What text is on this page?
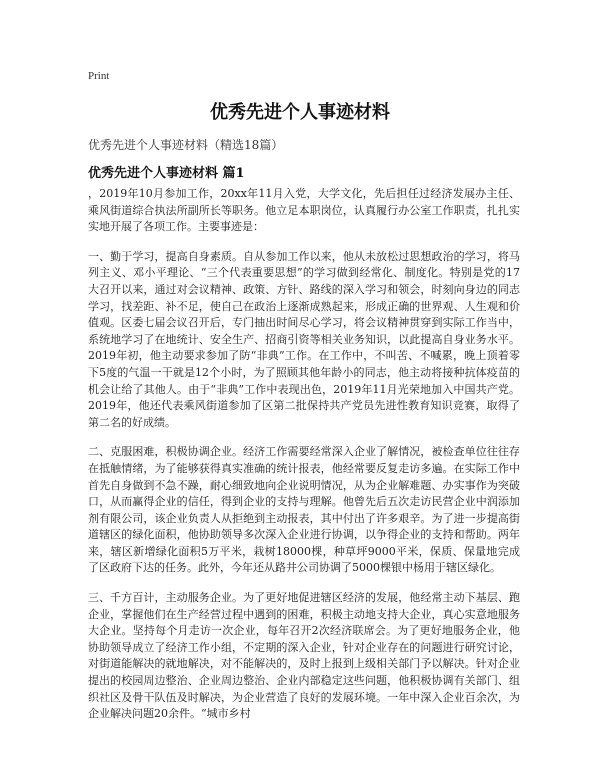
Print
优秀先进个人事迹材料
优秀先进个人事迹材料（精选18篇）
优秀先进个人事迹材料 篇1

，2019年10月参加工作，20xx年11月入党，大学文化，先后担任过经济发展办主任、乘风街道综合执法所副所长等职务。他立足本职岗位，认真履行办公室工作职责，扎扎实实地开展了各项工作。主要事迹是：

一、勤于学习，提高自身素质。自从参加工作以来，他从未放松过思想政治的学习，将马列主义、邓小平理论、“三个代表重要思想”的学习做到经常化、制度化。特别是党的17大召开以来，通过对会议精神、政策、方针、路线的深入学习和领会，时刻向身边的同志学习，找差距、补不足，使自己在政治上逐渐成熟起来，形成正确的世界观、人生观和价值观。区委七届会议召开后，专门抽出时间尽心学习，将会议精神贯穿到实际工作当中，系统地学习了在地统计、安全生产、招商引资等相关业务知识，以此提高自身业务水平。2019年初，他主动要求参加了防“非典”工作。在工作中，不叫苦、不喊累，晚上顶着零下5度的气温一干就是12个小时，为了照顾其他年龄小的同志，他主动将接种抗体疫苗的机会让给了其他人。由于“非典”工作中表现出色，2019年11月光荣地加入中国共产党。2019年，他还代表乘风街道参加了区第二批保持共产党员先进性教育知识竞赛，取得了第二名的好成绩。

二、克服困难，积极协调企业。经济工作需要经常深入企业了解情况，被检查单位往往存在抵触情绪，为了能够获得真实准确的统计报表，他经常要反复走访多遍。在实际工作中首先自身做到不急不躁，耐心细致地向企业说明情况，从为企业解难题、办实事作为突破口，从而赢得企业的信任，得到企业的支持与理解。他曾先后五次走访民营企业中润添加剂有限公司，该企业负责人从拒绝到主动报表，其中付出了许多艰辛。为了进一步提高街道辖区的绿化面积，他协助领导多次深入企业进行协调，以争得企业的支持和帮助。两年来，辖区新增绿化面积5万平米，栽树18000棵，种草坪9000平米，保质、保量地完成了区政府下达的任务。此外，今年还从路井公司协调了5000棵银中杨用于辖区绿化。

三、千方百计，主动服务企业。为了更好地促进辖区经济的发展，他经常主动下基层、跑企业，掌握他们在生产经营过程中遇到的困难，积极主动地支持大企业，真心实意地服务大企业。坚持每个月走访一次企业，每年召开2次经济联席会。为了更好地服务企业，他协助领导成立了经济工作小组，不定期的深入企业，针对企业存在的问题进行研究讨论，对街道能解决的就地解决，对不能解决的，及时上报到上级相关部门予以解决。针对企业提出的校园周边整治、企业周边整治、企业内部稳定这些问题，他积极协调有关部门、组织社区及骨干队伍及时解决，为企业营造了良好的发展环境。一年中深入企业百余次，为企业解决问题20余件。“城市乡村
